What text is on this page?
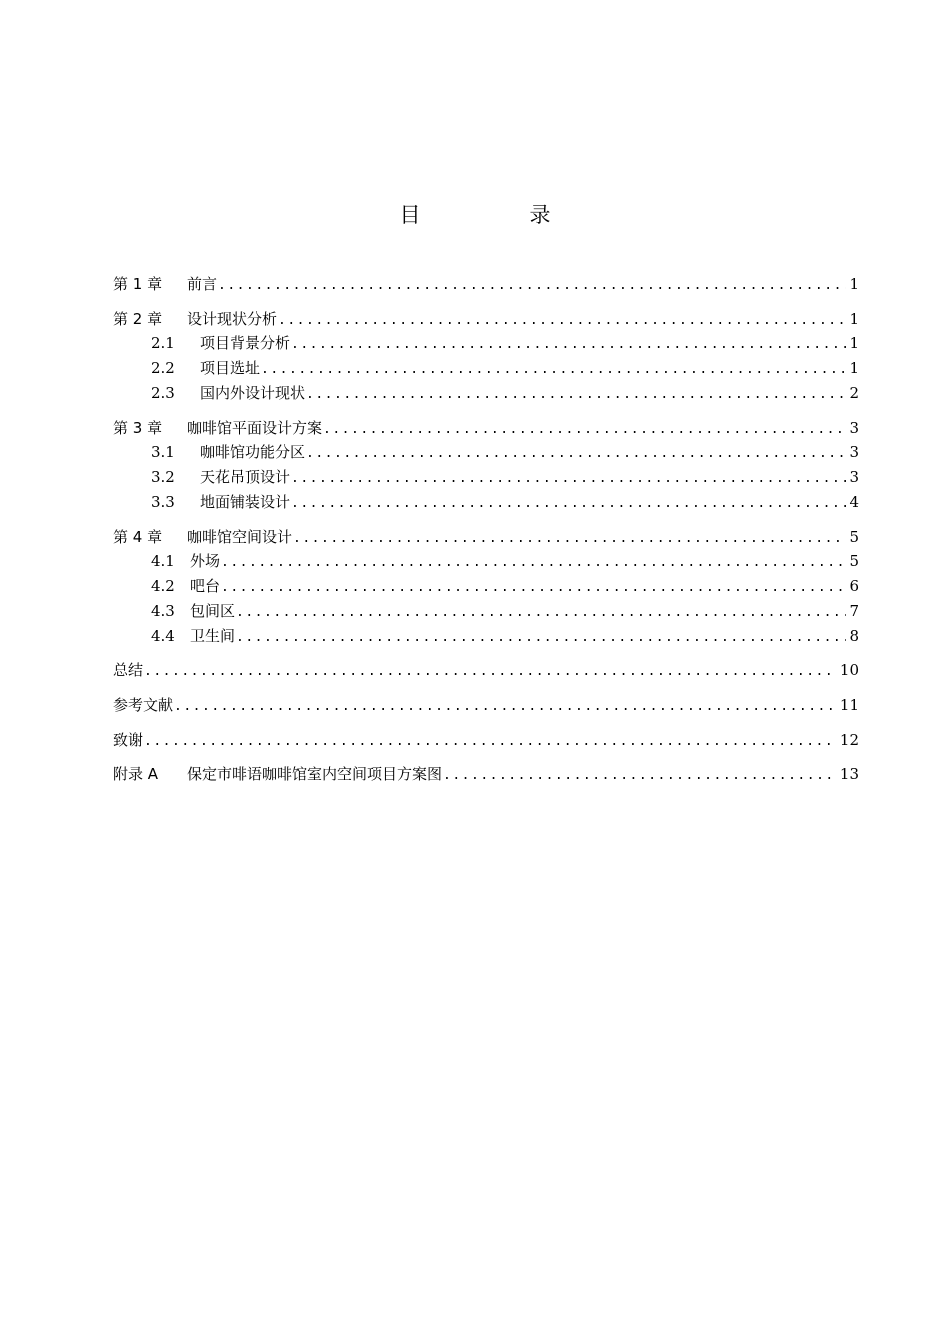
目　录
第 1 章	前言 .....	1
第 2 章	设计现状分析 .....	1
2.1	项目背景分析 .....	1
2.2	项目选址 .....	1
2.3	国内外设计现状 .....	2
第 3 章	咖啡馆平面设计方案 .....	3
3.1	咖啡馆功能分区 .....	3
3.2	天花吊顶设计 .....	3
3.3	地面铺装设计 .....	4
第 4 章	咖啡馆空间设计 .....	5
4.1	外场 .....	5
4.2	吧台 .....	6
4.3	包间区 .....	7
4.4	卫生间 .....	8
总结 .....	10
参考文献 .....	11
致谢 .....	12
附录 A	保定市啡语咖啡馆室内空间项目方案图 .....	13
